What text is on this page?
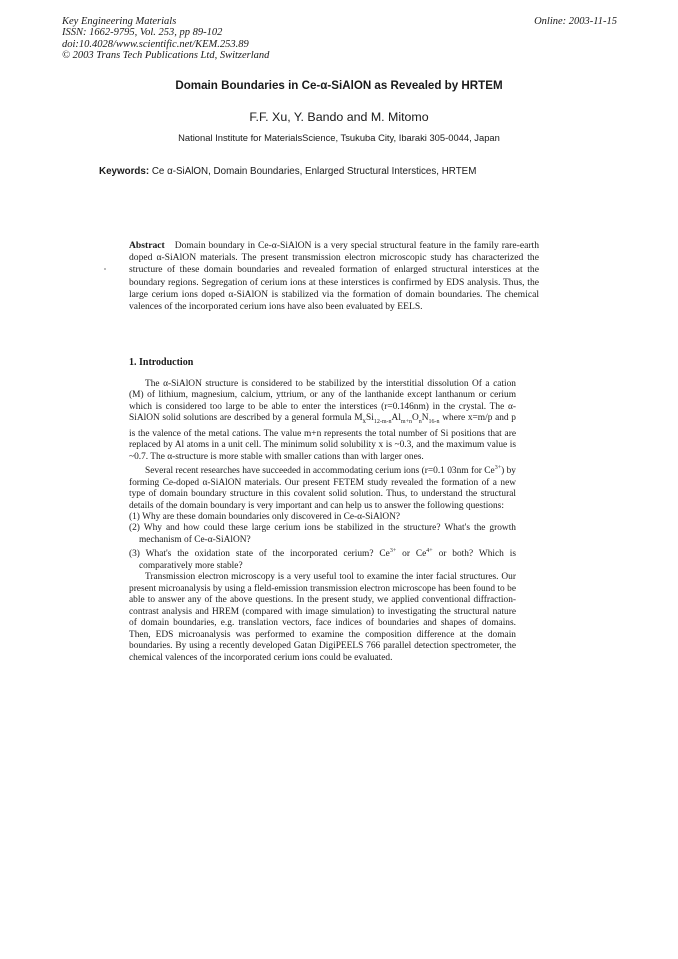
Key Engineering Materials	Online: 2003-11-15
ISSN: 1662-9795, Vol. 253, pp 89-102
doi:10.4028/www.scientific.net/KEM.253.89
© 2003 Trans Tech Publications Ltd, Switzerland
Domain Boundaries in Ce-α-SiAlON as Revealed by HRTEM
F.F. Xu, Y. Bando and M. Mitomo
National Institute for MaterialsScience, Tsukuba City, Ibaraki 305-0044, Japan
Keywords: Ce α-SiAlON, Domain Boundaries, Enlarged Structural Interstices, HRTEM
Abstract Domain boundary in Ce-α-SiAlON is a very special structural feature in the family rare-earth doped α-SiAlON materials. The present transmission electron microscopic study has characterized the structure of these domain boundaries and revealed formation of enlarged structural interstices at the boundary regions. Segregation of cerium ions at these interstices is confirmed by EDS analysis. Thus, the large cerium ions doped α-SiAlON is stabilized via the formation of domain boundaries. The chemical valences of the incorporated cerium ions have also been evaluated by EELS.
1. Introduction

The α-SiAlON structure is considered to be stabilized by the interstitial dissolution Of a cation (M) of lithium, magnesium, calcium, yttrium, or any of the lanthanide except lanthanum or cerium which is considered too large to be able to enter the interstices (r=0.146nm) in the crystal. The α-SiAlON solid solutions are described by a general formula $M_xSi_{12-m-n}Al_{m+n}O_nN_{16-n}$ where x=m/p and p is the valence of the metal cations. The value m+n represents the total number of Si positions that are replaced by Al atoms in a unit cell. The minimum solid solubility x is ~0.3, and the maximum value is ~0.7. The α-structure is more stable with smaller cations than with larger ones.

Several recent researches have succeeded in accommodating cerium ions (r=0.1 03nm for $Ce^{3+}$) by forming Ce-doped α-SiAlON materials. Our present FETEM study revealed the formation of a new type of domain boundary structure in this covalent solid solution. Thus, to understand the structural details of the domain boundary is very important and can help us to answer the following questions:

(1) Why are these domain boundaries only discovered in Ce-α-SiAlON?

(2) Why and how could these large cerium ions be stabilized in the structure? What's the growth mechanism of Ce-α-SiAlON?

(3) What's the oxidation state of the incorporated cerium? $Ce^{3+}$ or $Ce^{4+}$ or both? Which is comparatively more stable?

Transmission electron microscopy is a very useful tool to examine the inter facial structures. Our present microanalysis by using a fleld-emission transmission electron microscope has been found to be able to answer any of the above questions. In the present study, we applied conventional diffraction-contrast analysis and HREM (compared with image simulation) to investigating the structural nature of domain boundaries, e.g. translation vectors, face indices of boundaries and shapes of domains. Then, EDS microanalysis was performed to examine the composition difference at the domain boundaries. By using a recently developed Gatan DigiPEELS 766 parallel detection spectrometer, the chemical valences of the incorporated cerium ions could be evaluated.
